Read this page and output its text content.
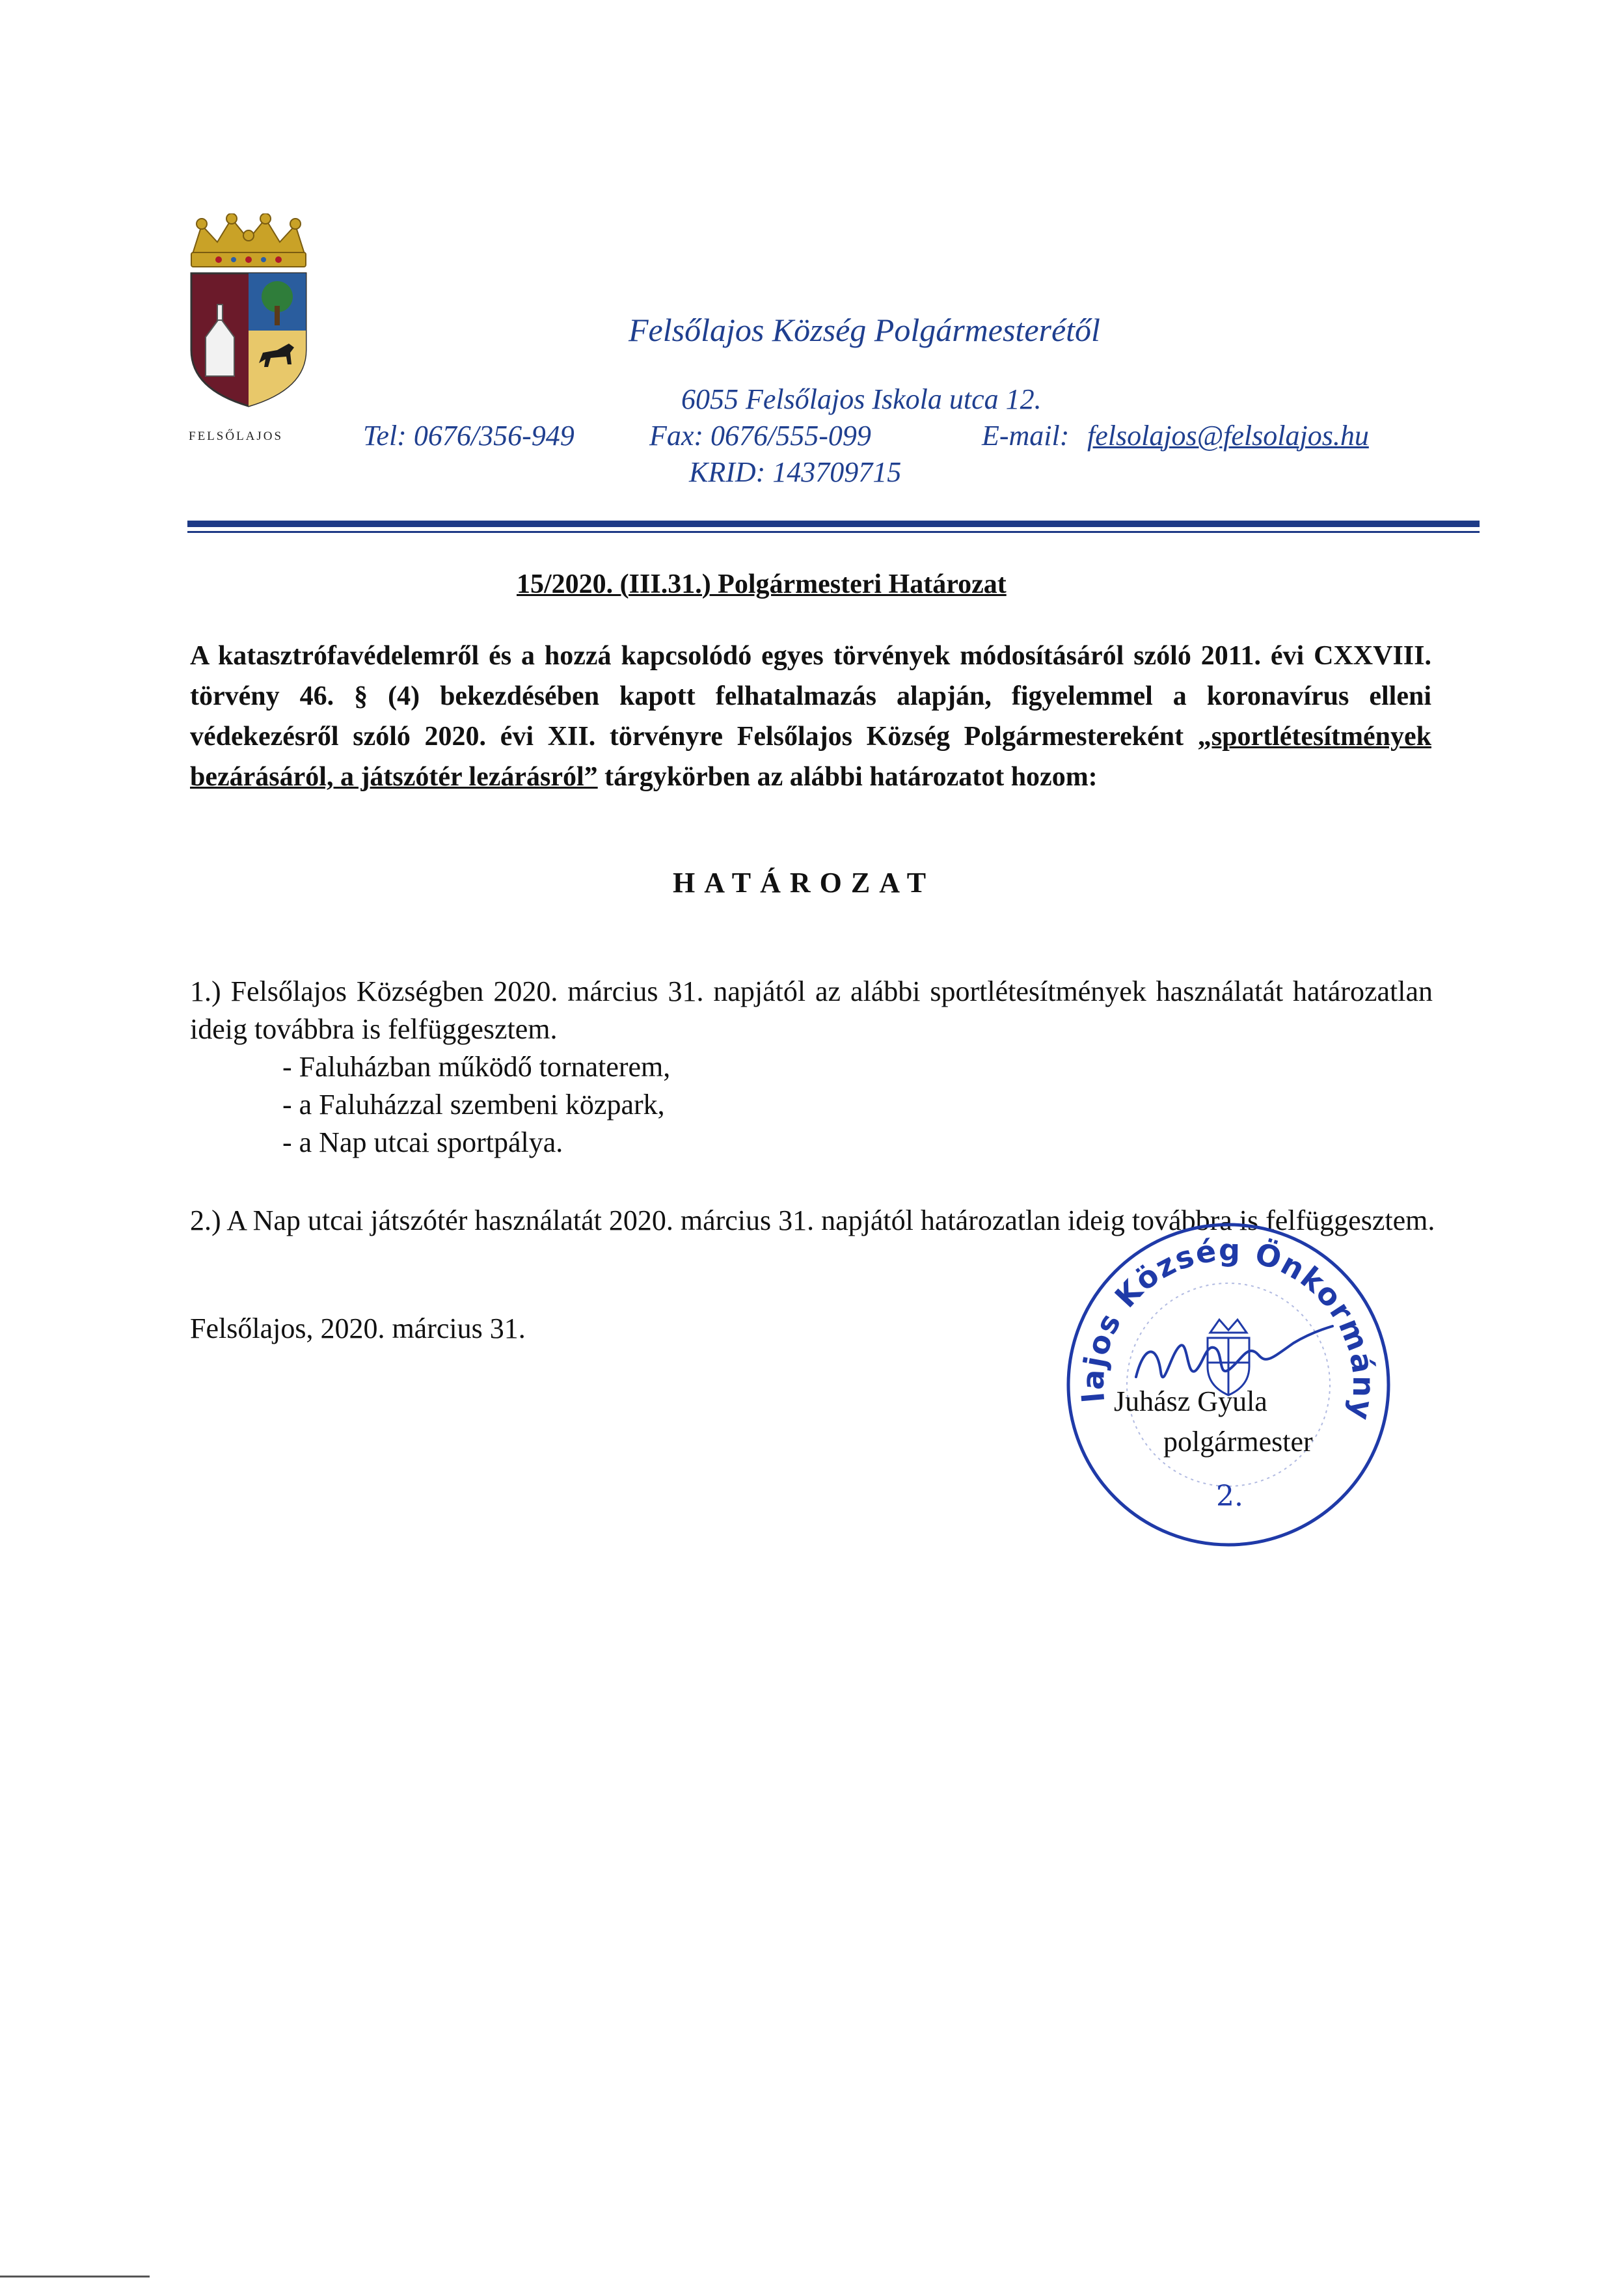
FELSŐLAJOS
Felsőlajos Község Polgármesterétől
6055 Felsőlajos Iskola utca 12.
Tel: 0676/356-949	Fax: 0676/555-099	E-mail: felsolajos@felsolajos.hu
KRID: 143709715
15/2020. (III.31.) Polgármesteri Határozat
A katasztrófavédelemről és a hozzá kapcsolódó egyes törvények módosításáról szóló 2011. évi CXXVIII. törvény 46. § (4) bekezdésében kapott felhatalmazás alapján, figyelemmel a koronavírus elleni védekezésről szóló 2020. évi XII. törvényre Felsőlajos Község Polgármestereként „sportlétesítmények bezárásáról, a játszótér lezárásról” tárgykörben az alábbi határozatot hozom:
HATÁROZAT
1.) Felsőlajos Községben 2020. március 31. napjától az alábbi sportlétesítmények használatát határozatlan ideig továbbra is felfüggesztem.
- Faluházban működő tornaterem,
- a Faluházzal szembeni közpark,
- a Nap utcai sportpálya.
2.) A Nap utcai játszótér használatát 2020. március 31. napjától határozatlan ideig továbbra is felfüggesztem.
Felsőlajos, 2020. március 31.
lajos Község Önkormány
2.
Juhász Gyula
polgármester
